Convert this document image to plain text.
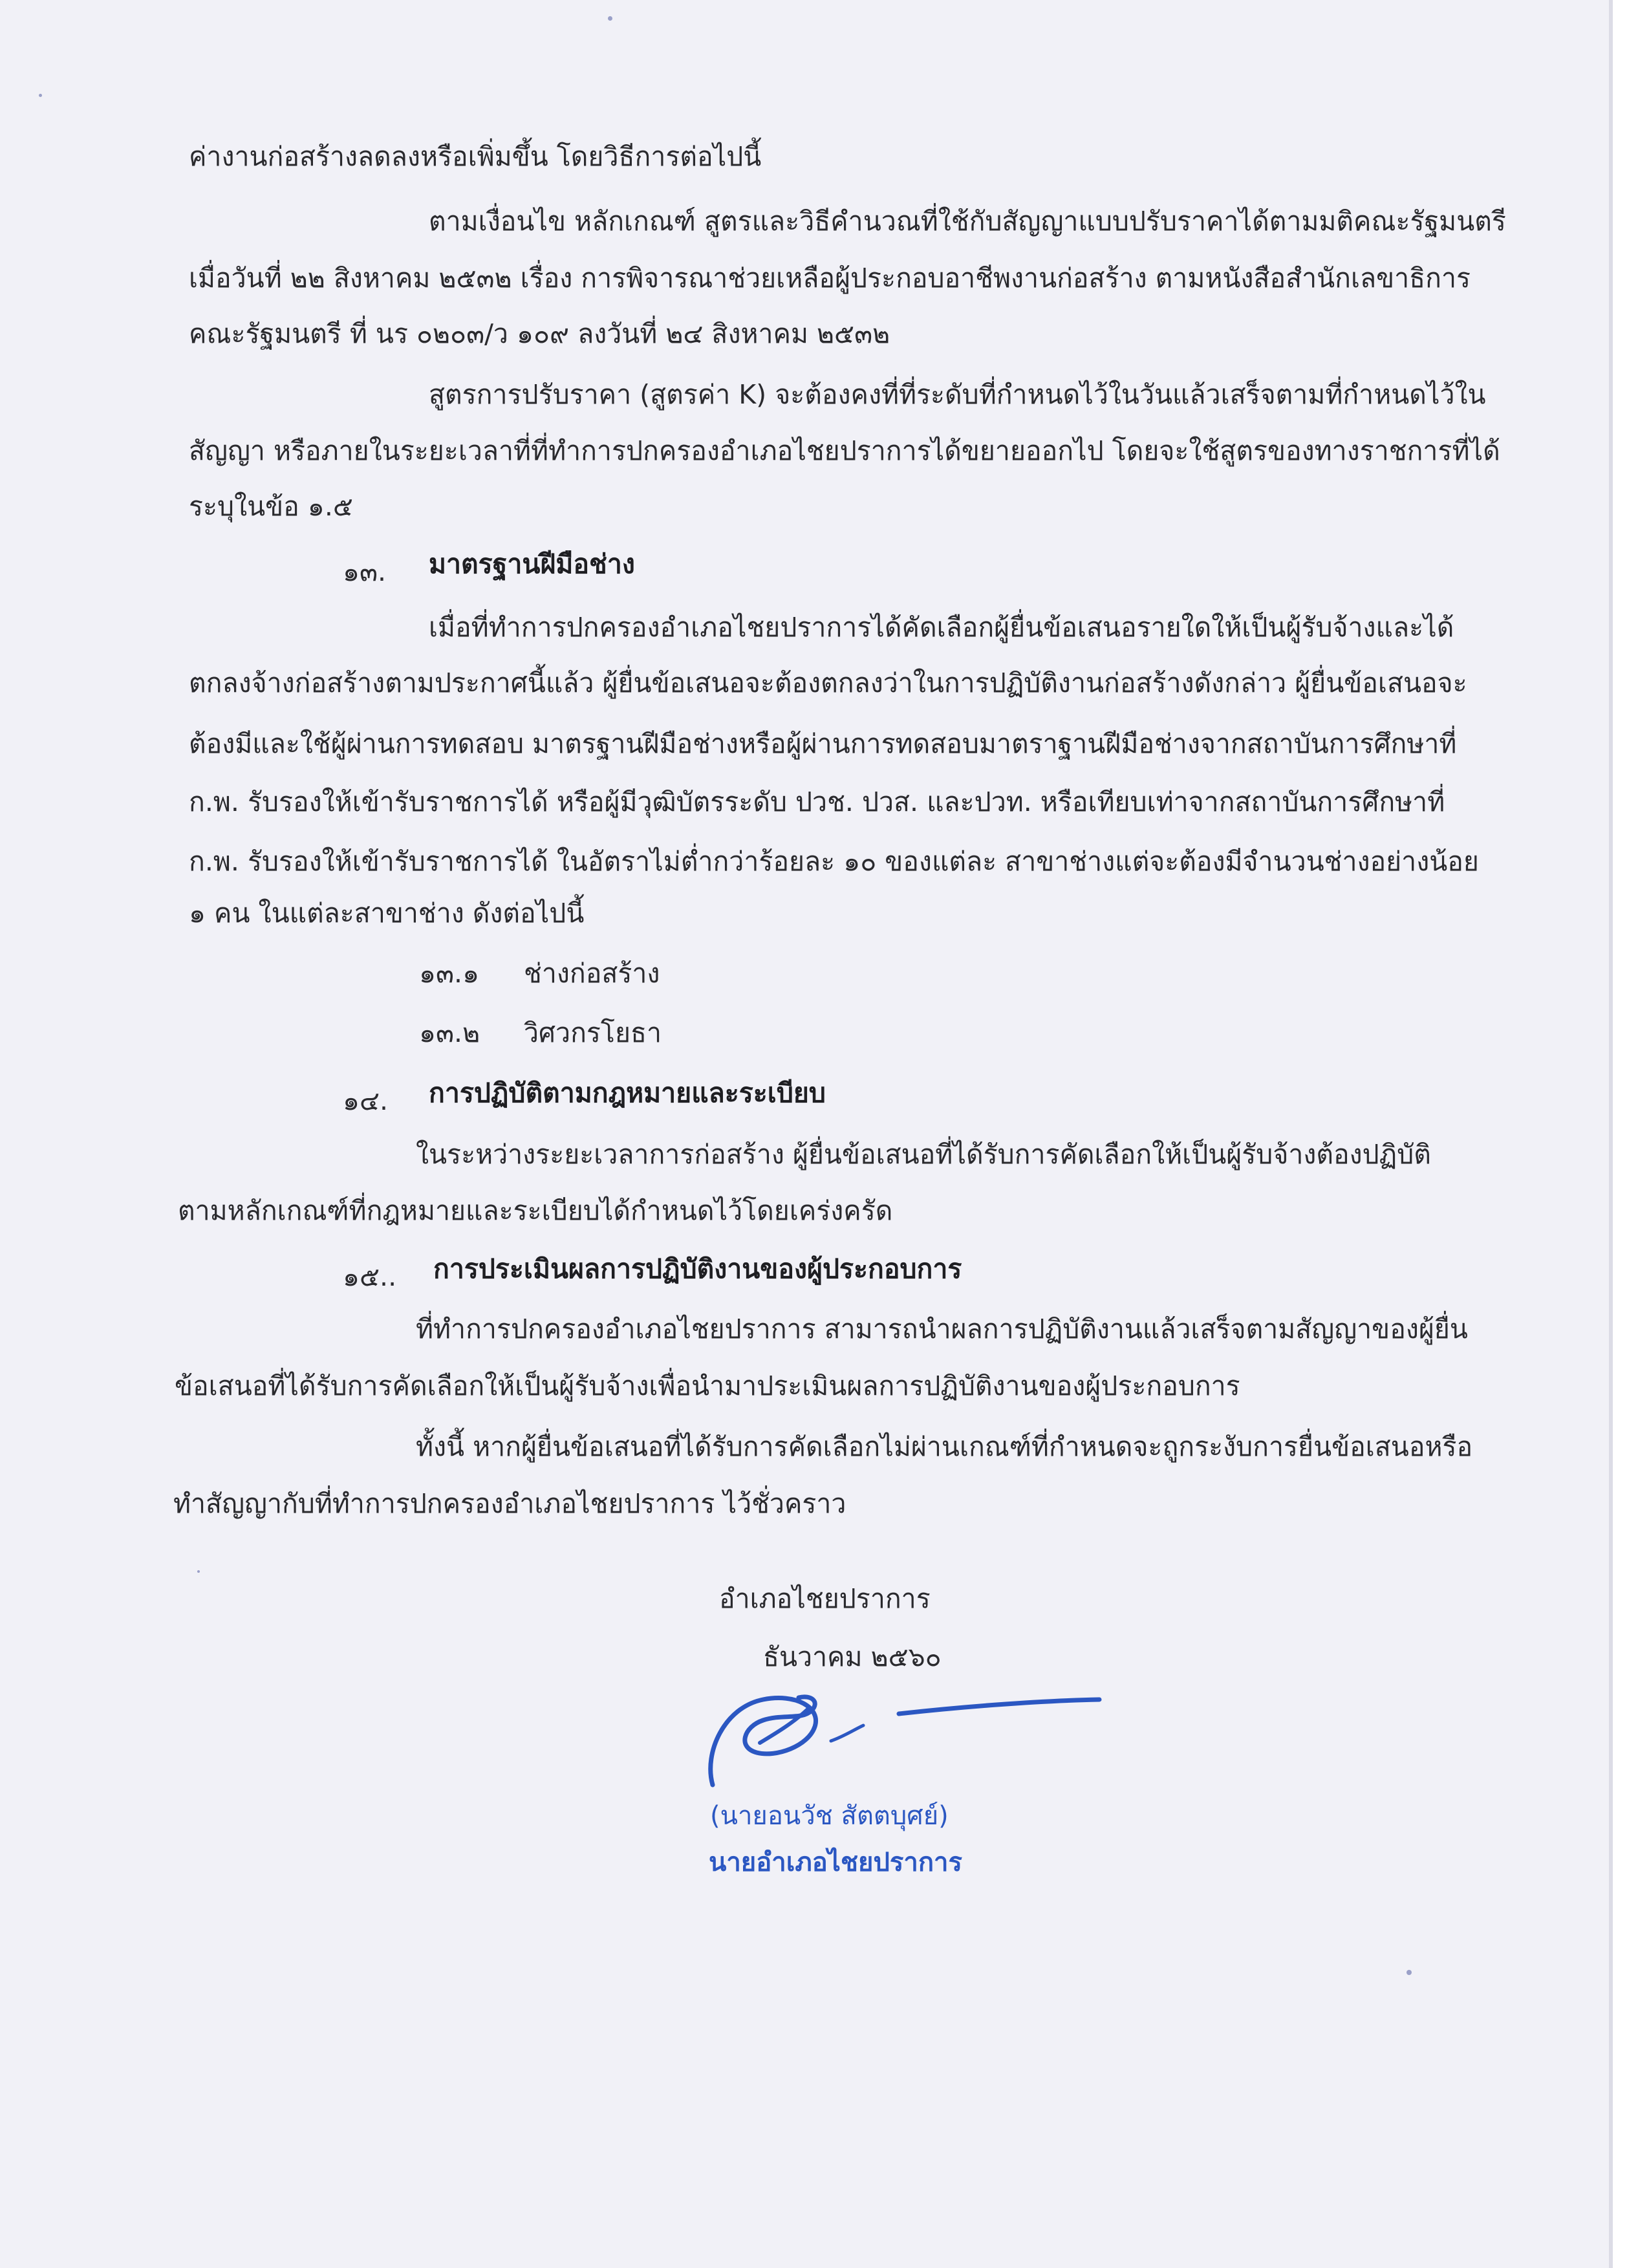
ค่างานก่อสร้างลดลงหรือเพิ่มขึ้น โดยวิธีการต่อไปนี้
ตามเงื่อนไข หลักเกณฑ์ สูตรและวิธีคำนวณที่ใช้กับสัญญาแบบปรับราคาได้ตามมติคณะรัฐมนตรี
เมื่อวันที่ ๒๒ สิงหาคม ๒๕๓๒ เรื่อง การพิจารณาช่วยเหลือผู้ประกอบอาชีพงานก่อสร้าง ตามหนังสือสำนักเลขาธิการ
คณะรัฐมนตรี ที่ นร ๐๒๐๓/ว ๑๐๙ ลงวันที่ ๒๔ สิงหาคม ๒๕๓๒
สูตรการปรับราคา (สูตรค่า K) จะต้องคงที่ที่ระดับที่กำหนดไว้ในวันแล้วเสร็จตามที่กำหนดไว้ใน
สัญญา หรือภายในระยะเวลาที่ที่ทำการปกครองอำเภอไชยปราการได้ขยายออกไป โดยจะใช้สูตรของทางราชการที่ได้
ระบุในข้อ ๑.๕
๑๓. มาตรฐานฝีมือช่าง
เมื่อที่ทำการปกครองอำเภอไชยปราการได้คัดเลือกผู้ยื่นข้อเสนอรายใดให้เป็นผู้รับจ้างและได้
ตกลงจ้างก่อสร้างตามประกาศนี้แล้ว ผู้ยื่นข้อเสนอจะต้องตกลงว่าในการปฏิบัติงานก่อสร้างดังกล่าว ผู้ยื่นข้อเสนอจะ
ต้องมีและใช้ผู้ผ่านการทดสอบ มาตรฐานฝีมือช่างหรือผู้ผ่านการทดสอบมาตราฐานฝีมือช่างจากสถาบันการศึกษาที่
ก.พ. รับรองให้เข้ารับราชการได้ หรือผู้มีวุฒิบัตรระดับ ปวช. ปวส. และปวท. หรือเทียบเท่าจากสถาบันการศึกษาที่
ก.พ. รับรองให้เข้ารับราชการได้ ในอัตราไม่ต่ำกว่าร้อยละ ๑๐ ของแต่ละ สาขาช่างแต่จะต้องมีจำนวนช่างอย่างน้อย
๑ คน ในแต่ละสาขาช่าง ดังต่อไปนี้
๑๓.๑ ช่างก่อสร้าง
๑๓.๒ วิศวกรโยธา
๑๔. การปฏิบัติตามกฎหมายและระเบียบ
ในระหว่างระยะเวลาการก่อสร้าง ผู้ยื่นข้อเสนอที่ได้รับการคัดเลือกให้เป็นผู้รับจ้างต้องปฏิบัติ
ตามหลักเกณฑ์ที่กฎหมายและระเบียบได้กำหนดไว้โดยเคร่งครัด
๑๕.. การประเมินผลการปฏิบัติงานของผู้ประกอบการ
ที่ทำการปกครองอำเภอไชยปราการ สามารถนำผลการปฏิบัติงานแล้วเสร็จตามสัญญาของผู้ยื่น
ข้อเสนอที่ได้รับการคัดเลือกให้เป็นผู้รับจ้างเพื่อนำมาประเมินผลการปฏิบัติงานของผู้ประกอบการ
ทั้งนี้ หากผู้ยื่นข้อเสนอที่ได้รับการคัดเลือกไม่ผ่านเกณฑ์ที่กำหนดจะถูกระงับการยื่นข้อเสนอหรือ
ทำสัญญากับที่ทำการปกครองอำเภอไชยปราการ ไว้ชั่วคราว
อำเภอไชยปราการ
ธันวาคม ๒๕๖๐
(นายอนวัช สัตตบุศย์)
นายอำเภอไชยปราการ
